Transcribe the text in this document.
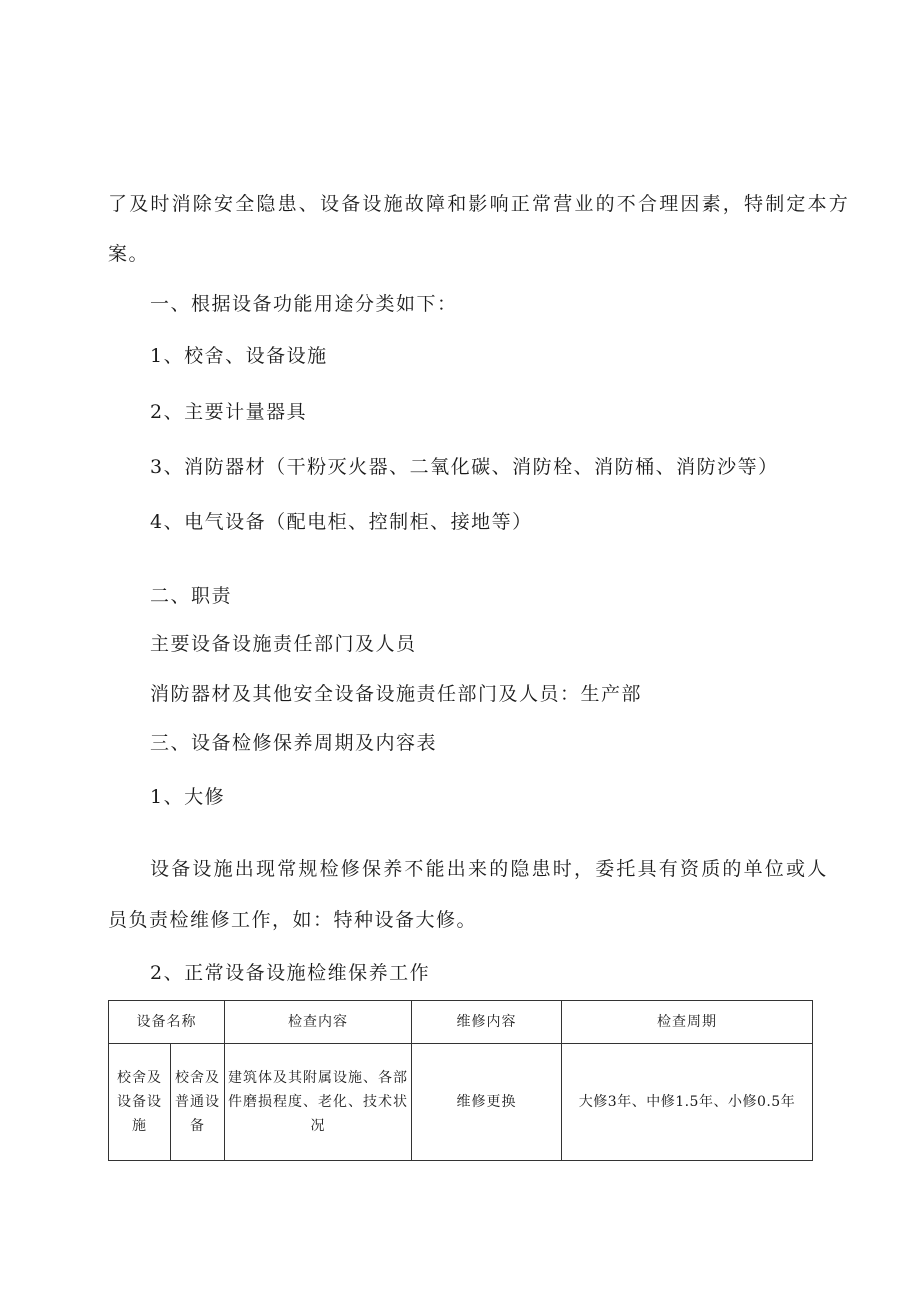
了及时消除安全隐患、设备设施故障和影响正常营业的不合理因素，特制定本方
案。
一、根据设备功能用途分类如下：
1、校舍、设备设施
2、主要计量器具
3、消防器材（干粉灭火器、二氧化碳、消防栓、消防桶、消防沙等）
4、电气设备（配电柜、控制柜、接地等）
二、职责
主要设备设施责任部门及人员
消防器材及其他安全设备设施责任部门及人员：生产部
三、设备检修保养周期及内容表
1、大修
设备设施出现常规检修保养不能出来的隐患时，委托具有资质的单位或人
员负责检维修工作，如：特种设备大修。
2、正常设备设施检维保养工作
设备名称		检查内容	维修内容	检查周期
校舍及设备设施	校舍及普通设备	建筑体及其附属设施、各部件磨损程度、老化、技术状况	维修更换	大修3年、中修1.5年、小修0.5年
